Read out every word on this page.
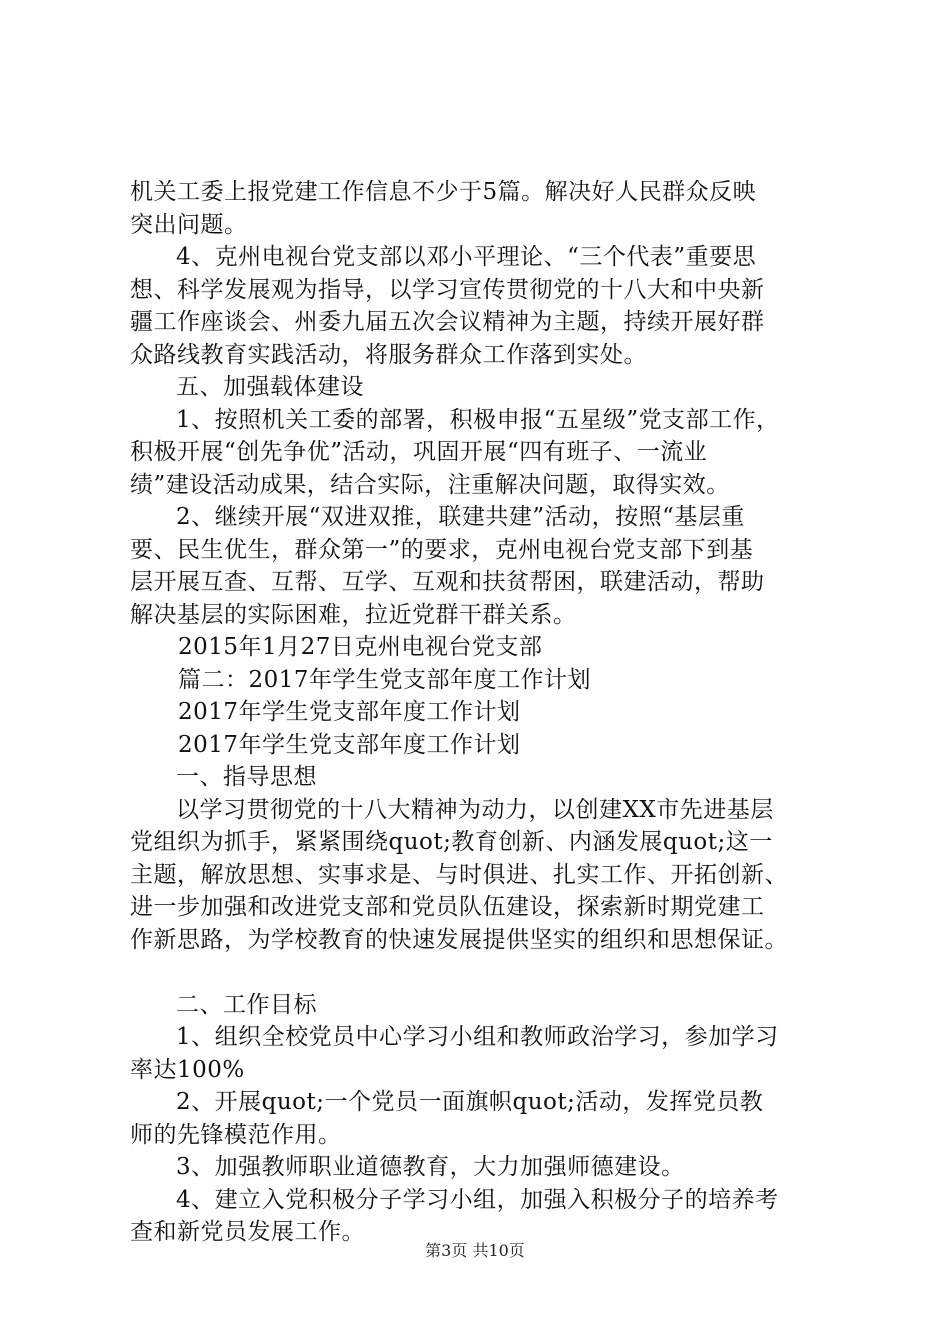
机关工委上报党建工作信息不少于5篇。解决好人民群众反映
突出问题。
4、克州电视台党支部以邓小平理论、“三个代表”重要思
想、科学发展观为指导，以学习宣传贯彻党的十八大和中央新
疆工作座谈会、州委九届五次会议精神为主题，持续开展好群
众路线教育实践活动，将服务群众工作落到实处。
五、加强载体建设
1、按照机关工委的部署，积极申报“五星级”党支部工作，
积极开展“创先争优”活动，巩固开展“四有班子、一流业
绩”建设活动成果，结合实际，注重解决问题，取得实效。
2、继续开展“双进双推，联建共建”活动，按照“基层重
要、民生优生，群众第一”的要求，克州电视台党支部下到基
层开展互查、互帮、互学、互观和扶贫帮困，联建活动，帮助
解决基层的实际困难，拉近党群干群关系。
2015年1月27日克州电视台党支部
篇二：2017年学生党支部年度工作计划
2017年学生党支部年度工作计划
2017年学生党支部年度工作计划
一、指导思想
以学习贯彻党的十八大精神为动力，以创建XX市先进基层
党组织为抓手，紧紧围绕quot;教育创新、内涵发展quot;这一
主题，解放思想、实事求是、与时俱进、扎实工作、开拓创新、
进一步加强和改进党支部和党员队伍建设，探索新时期党建工
作新思路，为学校教育的快速发展提供坚实的组织和思想保证。
二、工作目标
1、组织全校党员中心学习小组和教师政治学习，参加学习
率达100%
2、开展quot;一个党员一面旗帜quot;活动，发挥党员教
师的先锋模范作用。
3、加强教师职业道德教育，大力加强师德建设。
4、建立入党积极分子学习小组，加强入积极分子的培养考
查和新党员发展工作。
第3页 共10页
